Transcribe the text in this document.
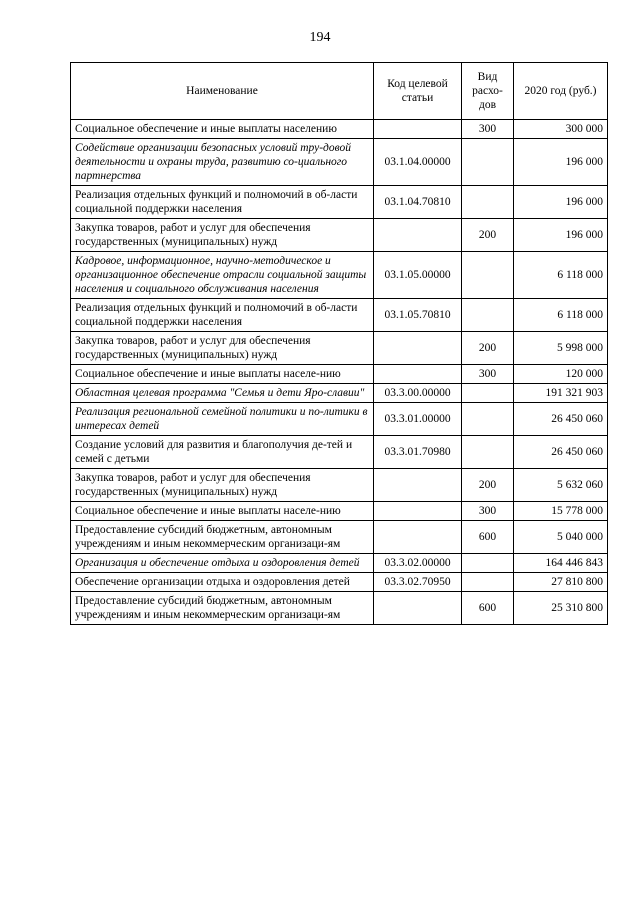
194
Наименование	Код целевой статьи	Вид расхо-дов	2020 год (руб.)
Социальное обеспечение и иные выплаты населению		300	300 000
Содействие организации безопасных условий тру-довой деятельности и охраны труда, развитию со-циального партнерства	03.1.04.00000		196 000
Реализация отдельных функций и полномочий в об-ласти социальной поддержки населения	03.1.04.70810		196 000
Закупка товаров, работ и услуг для обеспечения государственных (муниципальных) нужд		200	196 000
Кадровое, информационное, научно-методическое и организационное обеспечение отрасли социальной защиты населения и социального обслуживания населения	03.1.05.00000		6 118 000
Реализация отдельных функций и полномочий в об-ласти социальной поддержки населения	03.1.05.70810		6 118 000
Закупка товаров, работ и услуг для обеспечения государственных (муниципальных) нужд		200	5 998 000
Социальное обеспечение и иные выплаты населе-нию		300	120 000
Областная целевая программа "Семья и дети Яро-славии"	03.3.00.00000		191 321 903
Реализация региональной семейной политики и по-литики в интересах детей	03.3.01.00000		26 450 060
Создание условий для развития и благополучия де-тей и семей с детьми	03.3.01.70980		26 450 060
Закупка товаров, работ и услуг для обеспечения государственных (муниципальных) нужд		200	5 632 060
Социальное обеспечение и иные выплаты населе-нию		300	15 778 000
Предоставление субсидий бюджетным, автономным учреждениям и иным некоммерческим организаци-ям		600	5 040 000
Организация и обеспечение отдыха и оздоровления детей	03.3.02.00000		164 446 843
Обеспечение организации отдыха и оздоровления детей	03.3.02.70950		27 810 800
Предоставление субсидий бюджетным, автономным учреждениям и иным некоммерческим организаци-ям		600	25 310 800
